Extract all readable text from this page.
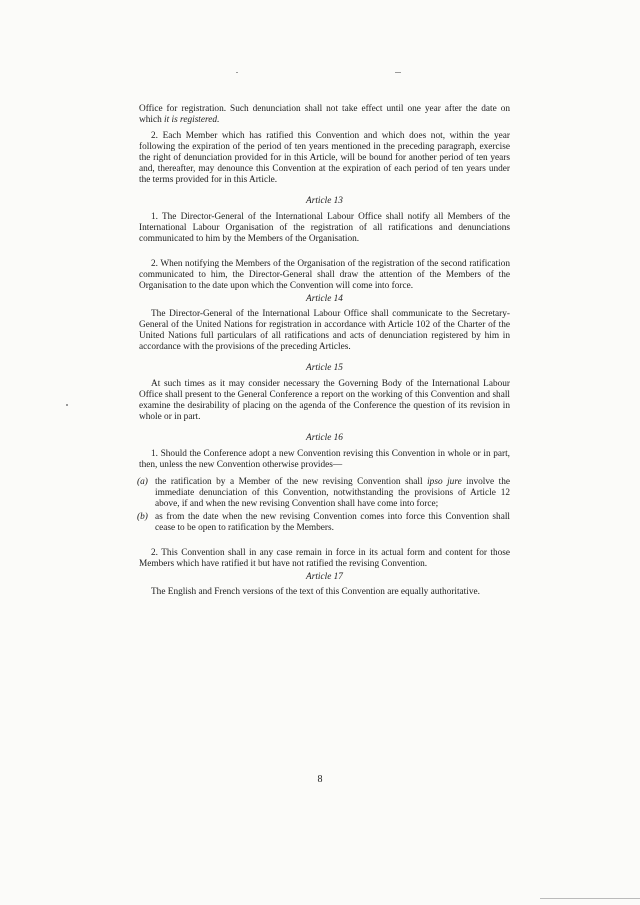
Office for registration. Such denunciation shall not take effect until one year after the date on which it is registered.

2. Each Member which has ratified this Convention and which does not, within the year following the expiration of the period of ten years mentioned in the preceding paragraph, exercise the right of denunciation provided for in this Article, will be bound for another period of ten years and, thereafter, may denounce this Convention at the expiration of each period of ten years under the terms provided for in this Article.

Article 13

1. The Director-General of the International Labour Office shall notify all Members of the International Labour Organisation of the registration of all ratifications and denunciations communicated to him by the Members of the Organisation.

2. When notifying the Members of the Organisation of the registration of the second ratification communicated to him, the Director-General shall draw the attention of the Members of the Organisation to the date upon which the Convention will come into force.

Article 14

The Director-General of the International Labour Office shall communicate to the Secretary-General of the United Nations for registration in accordance with Article 102 of the Charter of the United Nations full particulars of all ratifications and acts of denunciation registered by him in accordance with the provisions of the preceding Articles.

Article 15

At such times as it may consider necessary the Governing Body of the International Labour Office shall present to the General Conference a report on the working of this Convention and shall examine the desirability of placing on the agenda of the Conference the question of its revision in whole or in part.

Article 16

1. Should the Conference adopt a new Convention revising this Convention in whole or in part, then, unless the new Convention otherwise provides—

(a) the ratification by a Member of the new revising Convention shall ipso jure involve the immediate denunciation of this Convention, notwithstanding the provisions of Article 12 above, if and when the new revising Convention shall have come into force;
(b) as from the date when the new revising Convention comes into force this Convention shall cease to be open to ratification by the Members.

2. This Convention shall in any case remain in force in its actual form and content for those Members which have ratified it but have not ratified the revising Convention.

Article 17

The English and French versions of the text of this Convention are equally authoritative.

8
